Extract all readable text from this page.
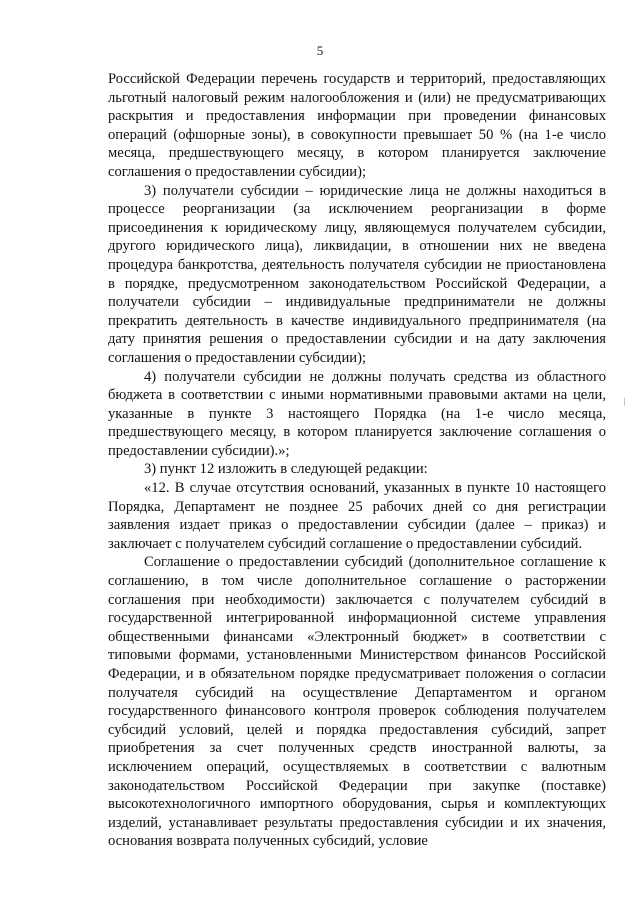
5

Российской Федерации перечень государств и территорий, предоставляющих льготный налоговый режим налогообложения и (или) не предусматривающих раскрытия и предоставления информации при проведении финансовых операций (офшорные зоны), в совокупности превышает 50 % (на 1-е число месяца, предшествующего месяцу, в котором планируется заключение соглашения о предоставлении субсидии);

3) получатели субсидии – юридические лица не должны находиться в процессе реорганизации (за исключением реорганизации в форме присоединения к юридическому лицу, являющемуся получателем субсидии, другого юридического лица), ликвидации, в отношении них не введена процедура банкротства, деятельность получателя субсидии не приостановлена в порядке, предусмотренном законодательством Российской Федерации, а получатели субсидии – индивидуальные предприниматели не должны прекратить деятельность в качестве индивидуального предпринимателя (на дату принятия решения о предоставлении субсидии и на дату заключения соглашения о предоставлении субсидии);

4) получатели субсидии не должны получать средства из областного бюджета в соответствии с иными нормативными правовыми актами на цели, указанные в пункте 3 настоящего Порядка (на 1-е число месяца, предшествующего месяцу, в котором планируется заключение соглашения о предоставлении субсидии).»;

3) пункт 12 изложить в следующей редакции:

«12. В случае отсутствия оснований, указанных в пункте 10 настоящего Порядка, Департамент не позднее 25 рабочих дней со дня регистрации заявления издает приказ о предоставлении субсидии (далее – приказ) и заключает с получателем субсидий соглашение о предоставлении субсидий.

Соглашение о предоставлении субсидий (дополнительное соглашение к соглашению, в том числе дополнительное соглашение о расторжении соглашения при необходимости) заключается с получателем субсидий в государственной интегрированной информационной системе управления общественными финансами «Электронный бюджет» в соответствии с типовыми формами, установленными Министерством финансов Российской Федерации, и в обязательном порядке предусматривает положения о согласии получателя субсидий на осуществление Департаментом и органом государственного финансового контроля проверок соблюдения получателем субсидий условий, целей и порядка предоставления субсидий, запрет приобретения за счет полученных средств иностранной валюты, за исключением операций, осуществляемых в соответствии с валютным законодательством Российской Федерации при закупке (поставке) высокотехнологичного импортного оборудования, сырья и комплектующих изделий, устанавливает результаты предоставления субсидии и их значения, основания возврата полученных субсидий, условие
